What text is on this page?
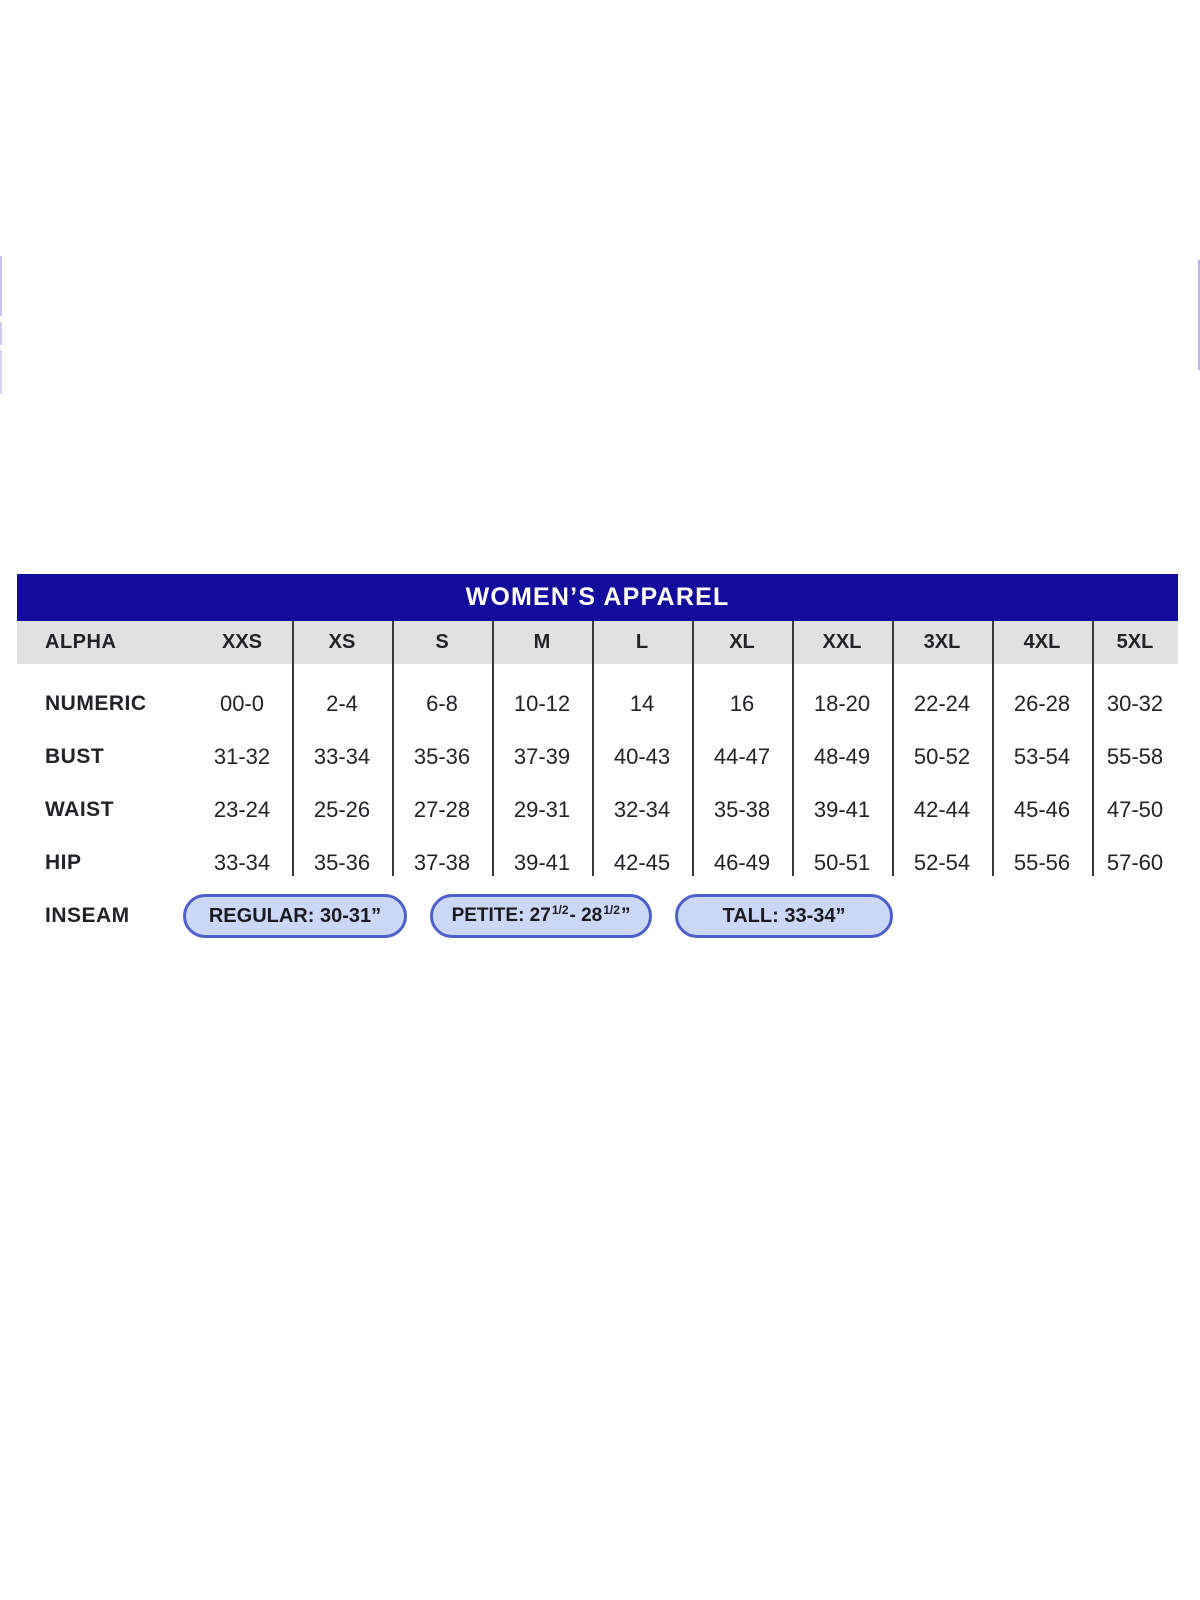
WOMEN’S APPAREL
ALPHA	XXS	XS	S	M	L	XL	XXL	3XL	4XL	5XL
NUMERIC	00-0	2-4	6-8	10-12	14	16	18-20	22-24	26-28	30-32
BUST	31-32	33-34	35-36	37-39	40-43	44-47	48-49	50-52	53-54	55-58
WAIST	23-24	25-26	27-28	29-31	32-34	35-38	39-41	42-44	45-46	47-50
HIP	33-34	35-36	37-38	39-41	42-45	46-49	50-51	52-54	55-56	57-60
INSEAM	REGULAR: 30-31”	PETITE: 27 1/2 - 28 1/2 ”	TALL: 33-34”
